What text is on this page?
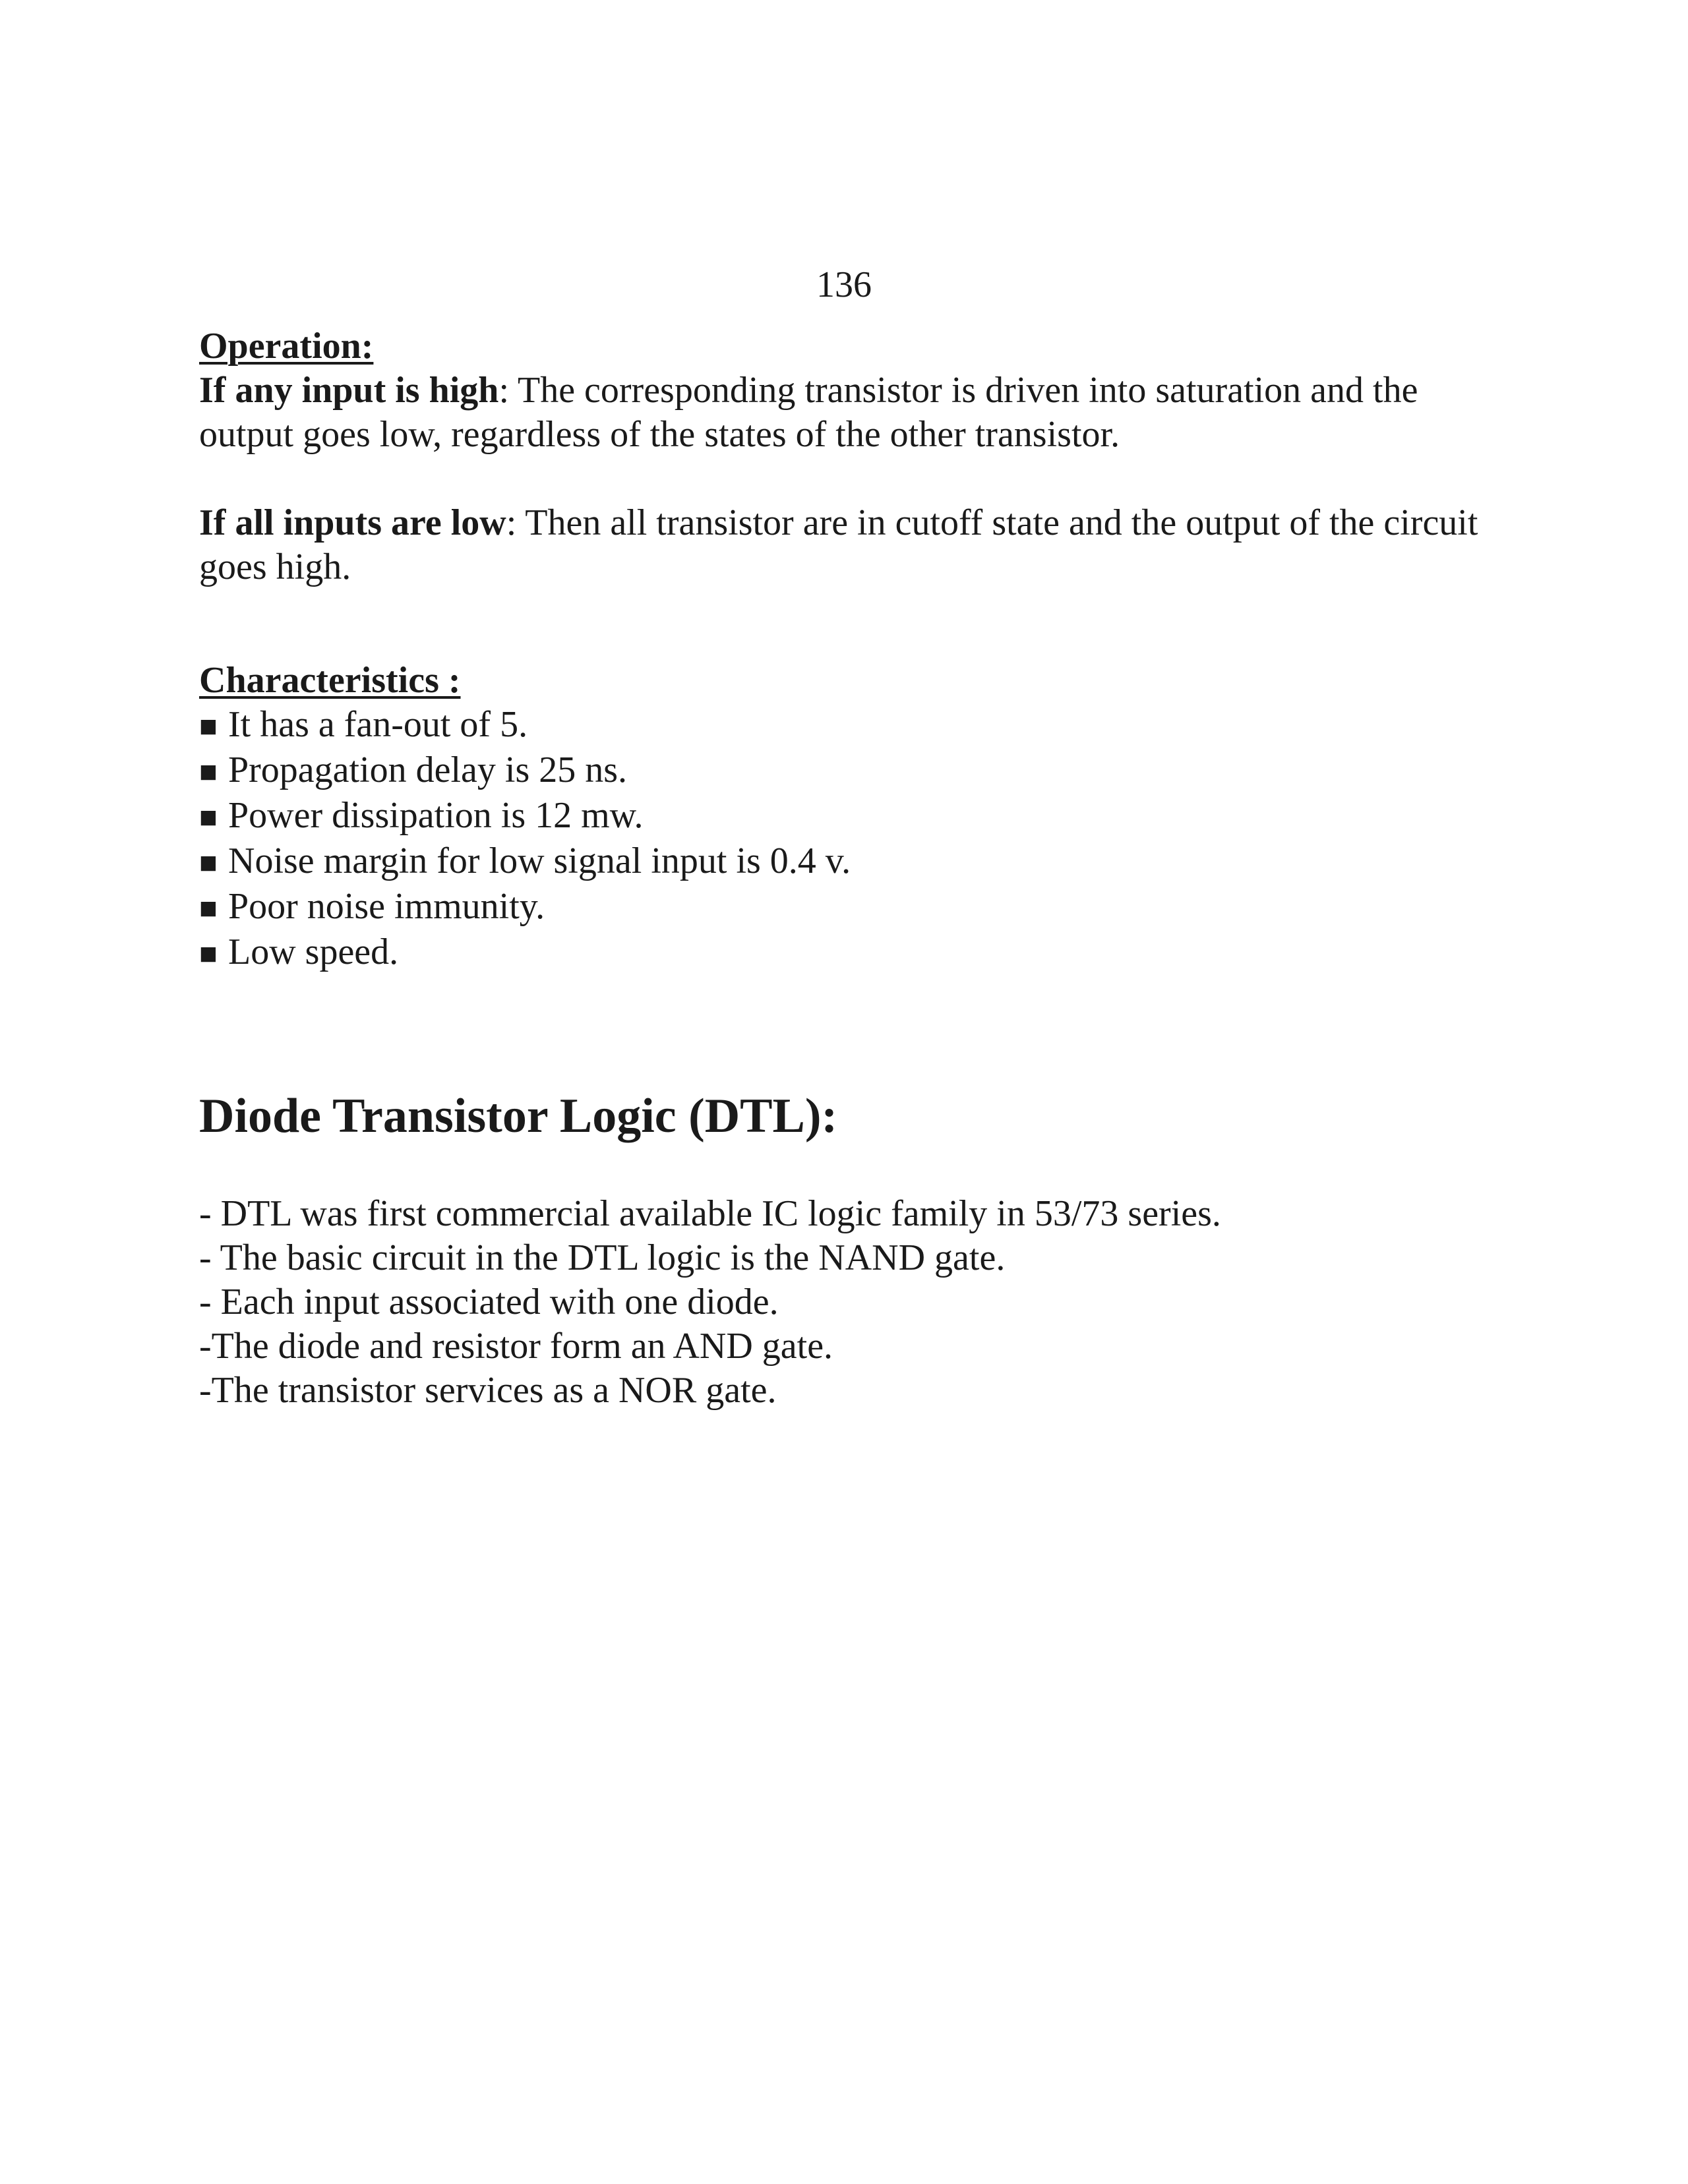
136

Operation:

If any input is high: The corresponding transistor is driven into saturation and the output goes low, regardless of the states of the other transistor.

If all inputs are low: Then all transistor are in cutoff state and the output of the circuit goes high.

Characteristics :

■ It has a fan-out of 5.
■ Propagation delay is 25 ns.
■ Power dissipation is 12 mw.
■ Noise margin for low signal input is 0.4 v.
■ Poor noise immunity.
■ Low speed.
Diode Transistor Logic (DTL):
- DTL was first commercial available IC logic family in 53/73 series.
- The basic circuit in the DTL logic is the NAND gate.
- Each input associated with one diode.
-The diode and resistor form an AND gate.
-The transistor services as a NOR gate.
